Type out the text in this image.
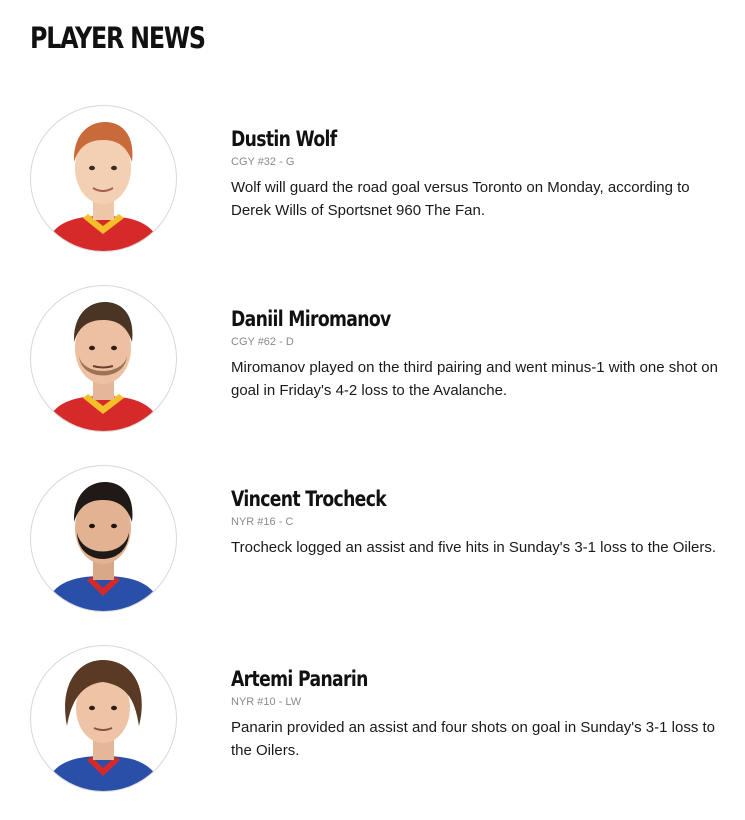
PLAYER NEWS
Dustin Wolf
CGY #32 - G
Wolf will guard the road goal versus Toronto on Monday, according to Derek Wills of Sportsnet 960 The Fan.
Daniil Miromanov
CGY #62 - D
Miromanov played on the third pairing and went minus-1 with one shot on goal in Friday's 4-2 loss to the Avalanche.
Vincent Trocheck
NYR #16 - C
Trocheck logged an assist and five hits in Sunday's 3-1 loss to the Oilers.
Artemi Panarin
NYR #10 - LW
Panarin provided an assist and four shots on goal in Sunday's 3-1 loss to the Oilers.
